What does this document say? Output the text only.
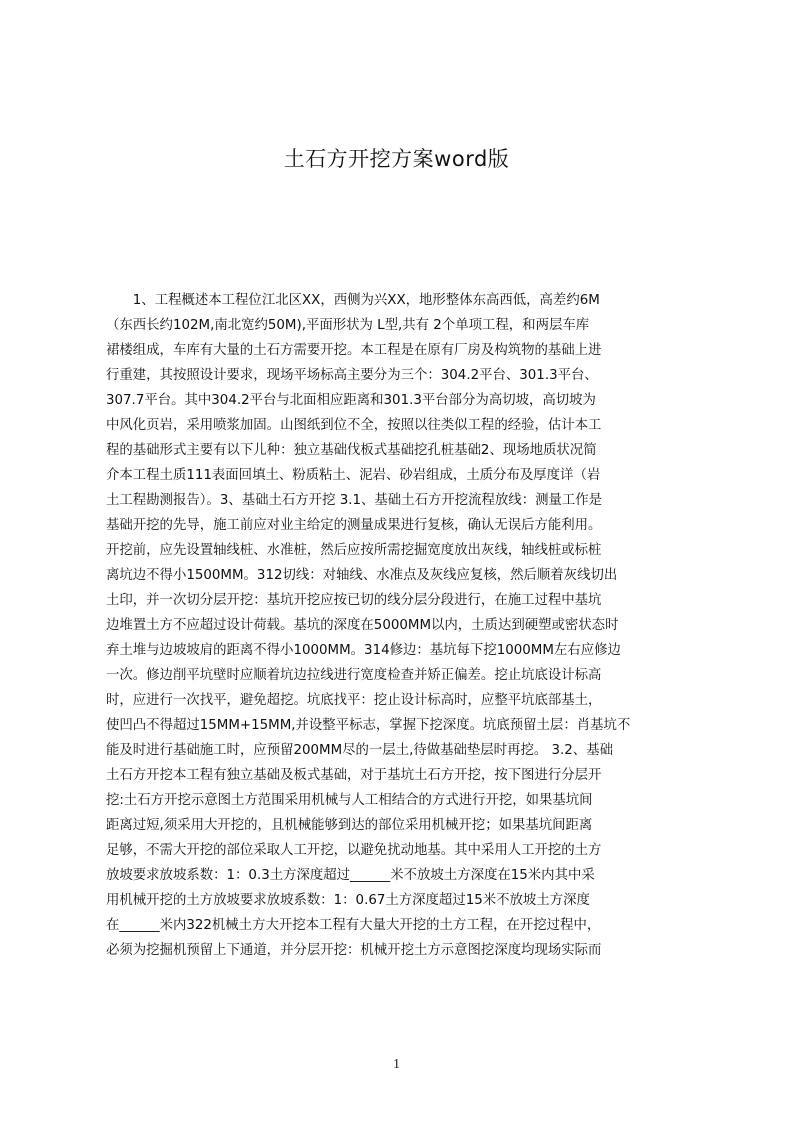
土石方开挖方案word版
　　1、工程概述本工程位江北区XX，西侧为兴XX，地形整体东高西低，高差约6M
（东西长约102M,南北宽约50M),平面形状为 L型,共有 2个单项工程，和两层车库
裙楼组成，车库有大量的土石方需要开挖。本工程是在原有厂房及构筑物的基础上进
行重建，其按照设计要求，现场平场标高主要分为三个：304.2平台、301.3平台、
307.7平台。其中304.2平台与北面相应距离和301.3平台部分为高切坡，高切坡为
中风化页岩，采用喷浆加固。山图纸到位不全，按照以往类似工程的经验，估计本工
程的基础形式主要有以下儿种：独立基础伐板式基础挖孔桩基础2、现场地质状况简
介本工程土质111表面回填土、粉质粘土、泥岩、砂岩组成，土质分布及厚度详（岩
土工程勘测报告）。3、基础土石方开挖 3.1、基础土石方开挖流程放线：测量工作是
基础开挖的先导，施工前应对业主给定的测量成果进行复核，确认无误后方能利用。
开挖前，应先设置轴线桩、水准桩，然后应按所需挖掘宽度放出灰线，轴线桩或标桩
离坑边不得小1500MM。312切线：对轴线、水准点及灰线应复核，然后顺着灰线切出
土印，并一次切分层开挖：基坑开挖应按已切的线分层分段进行，在施工过程中基坑
边堆置土方不应超过设计荷载。基坑的深度在5000MM以内，土质达到硬塑或密状态时
弃土堆与边坡坡肩的距离不得小1000MM。314修边：基坑每下挖1000MM左右应修边
一次。修边削平坑壁时应顺着坑边拉线进行宽度检查并矫正偏差。挖止坑底设计标高
时，应进行一次找平，避免超挖。坑底找平：挖止设计标高时，应整平坑底部基土，
使凹凸不得超过15MM+15MM,并设整平标志，掌握下挖深度。坑底预留土层：肖基坑不
能及时进行基础施工时，应预留200MM尽的一层土,待做基础垫层时再挖。 3.2、基础
土石方开挖本工程有独立基础及板式基础，对于基坑土石方开挖，按下图进行分层开
挖:土石方开挖示意图土方范围采用机械与人工相结合的方式进行开挖，如果基坑间
距离过短,须采用大开挖的，且机械能够到达的部位采用机械开挖；如果基坑间距离
足够，不需大开挖的部位采取人工开挖，以避免扰动地基。其中采用人工开挖的土方
放坡要求放坡系数：1：0.3土方深度超过______米不放坡土方深度在15米内其中采
用机械开挖的土方放坡要求放坡系数：1：0.67土方深度超过15米不放坡土方深度
在______米内322机械土方大开挖本工程有大量大开挖的土方工程，在开挖过程中，
必须为挖掘机预留上下通道，并分层开挖：机械开挖土方示意图挖深度均现场实际而
1
